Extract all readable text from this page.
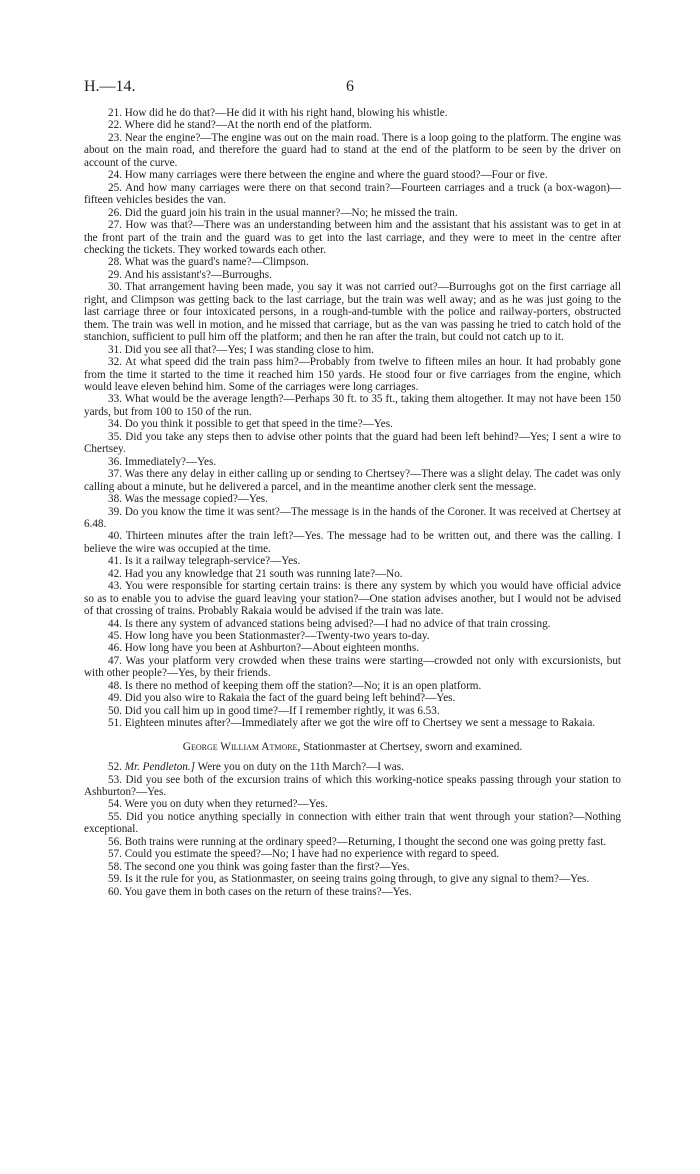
H.—14.	6

21. How did he do that?—He did it with his right hand, blowing his whistle.

22. Where did he stand?—At the north end of the platform.

23. Near the engine?—The engine was out on the main road. There is a loop going to the platform. The engine was about on the main road, and therefore the guard had to stand at the end of the platform to be seen by the driver on account of the curve.

24. How many carriages were there between the engine and where the guard stood?—Four or five.

25. And how many carriages were there on that second train?—Fourteen carriages and a truck (a box-wagon)—fifteen vehicles besides the van.

26. Did the guard join his train in the usual manner?—No; he missed the train.

27. How was that?—There was an understanding between him and the assistant that his assistant was to get in at the front part of the train and the guard was to get into the last carriage, and they were to meet in the centre after checking the tickets. They worked towards each other.

28. What was the guard's name?—Climpson.

29. And his assistant's?—Burroughs.

30. That arrangement having been made, you say it was not carried out?—Burroughs got on the first carriage all right, and Climpson was getting back to the last carriage, but the train was well away; and as he was just going to the last carriage three or four intoxicated persons, in a rough-and-tumble with the police and railway-porters, obstructed them. The train was well in motion, and he missed that carriage, but as the van was passing he tried to catch hold of the stanchion, sufficient to pull him off the platform; and then he ran after the train, but could not catch up to it.

31. Did you see all that?—Yes; I was standing close to him.

32. At what speed did the train pass him?—Probably from twelve to fifteen miles an hour. It had probably gone from the time it started to the time it reached him 150 yards. He stood four or five carriages from the engine, which would leave eleven behind him. Some of the carriages were long carriages.

33. What would be the average length?—Perhaps 30 ft. to 35 ft., taking them altogether. It may not have been 150 yards, but from 100 to 150 of the run.

34. Do you think it possible to get that speed in the time?—Yes.

35. Did you take any steps then to advise other points that the guard had been left behind?—Yes; I sent a wire to Chertsey.

36. Immediately?—Yes.

37. Was there any delay in either calling up or sending to Chertsey?—There was a slight delay. The cadet was only calling about a minute, but he delivered a parcel, and in the meantime another clerk sent the message.

38. Was the message copied?—Yes.

39. Do you know the time it was sent?—The message is in the hands of the Coroner. It was received at Chertsey at 6.48.

40. Thirteen minutes after the train left?—Yes. The message had to be written out, and there was the calling. I believe the wire was occupied at the time.

41. Is it a railway telegraph-service?—Yes.

42. Had you any knowledge that 21 south was running late?—No.

43. You were responsible for starting certain trains: is there any system by which you would have official advice so as to enable you to advise the guard leaving your station?—One station advises another, but I would not be advised of that crossing of trains. Probably Rakaia would be advised if the train was late.

44. Is there any system of advanced stations being advised?—I had no advice of that train crossing.

45. How long have you been Stationmaster?—Twenty-two years to-day.

46. How long have you been at Ashburton?—About eighteen months.

47. Was your platform very crowded when these trains were starting—crowded not only with excursionists, but with other people?—Yes, by their friends.

48. Is there no method of keeping them off the station?—No; it is an open platform.

49. Did you also wire to Rakaia the fact of the guard being left behind?—Yes.

50. Did you call him up in good time?—If I remember rightly, it was 6.53.

51. Eighteen minutes after?—Immediately after we got the wire off to Chertsey we sent a message to Rakaia.

George William Atmore, Stationmaster at Chertsey, sworn and examined.

52. Mr. Pendleton.] Were you on duty on the 11th March?—I was.

53. Did you see both of the excursion trains of which this working-notice speaks passing through your station to Ashburton?—Yes.

54. Were you on duty when they returned?—Yes.

55. Did you notice anything specially in connection with either train that went through your station?—Nothing exceptional.

56. Both trains were running at the ordinary speed?—Returning, I thought the second one was going pretty fast.

57. Could you estimate the speed?—No; I have had no experience with regard to speed.

58. The second one you think was going faster than the first?—Yes.

59. Is it the rule for you, as Stationmaster, on seeing trains going through, to give any signal to them?—Yes.

60. You gave them in both cases on the return of these trains?—Yes.
